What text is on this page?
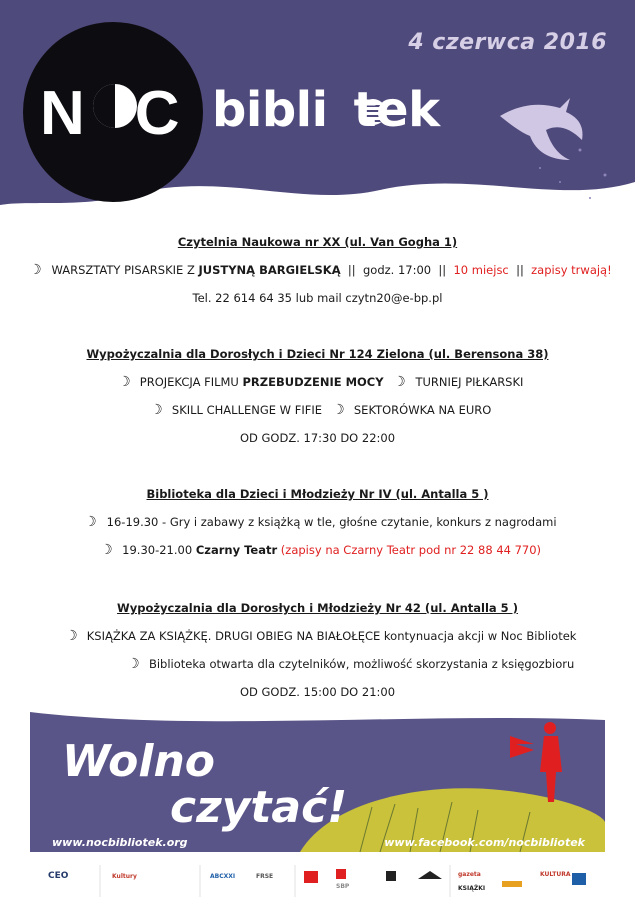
4 czerwca 2016
N C bibli tek

Czytelnia Naukowa nr XX (ul. Van Gogha 1)

☾ WARSZTATY PISARSKIE Z JUSTYNĄ BARGIELSKĄ  ||  godz. 17:00  ||  10 miejsc  ||  zapisy trwają!

Tel. 22 614 64 35 lub mail czytn20@e-bp.pl

Wypożyczalnia dla Dorosłych i Dzieci Nr 124 Zielona (ul. Berensona 38)

☾ PROJEKCJA FILMU PRZEBUDZENIE MOCY ☾ TURNIEJ PIŁKARSKI

☾ SKILL CHALLENGE W FIFIE ☾ SEKTORÓWKA NA EURO

OD GODZ. 17:30 DO 22:00

Biblioteka dla Dzieci i Młodzieży Nr IV (ul. Antalla 5 )

☾ 16-19.30 - Gry i zabawy z książką w tle, głośne czytanie, konkurs z nagrodami

☾ 19.30-21.00 Czarny Teatr (zapisy na Czarny Teatr pod nr 22 88 44 770)

Wypożyczalnia dla Dorosłych i Młodzieży Nr 42 (ul. Antalla 5 )

☾ KSIĄŻKA ZA KSIĄŻKĘ. DRUGI OBIEG NA BIAŁOŁĘCE kontynuacja akcji w Noc Bibliotek

☾ Biblioteka otwarta dla czytelników, możliwość skorzystania z księgozbioru

OD GODZ. 15:00 DO 21:00

Wolno
czytać!
www.nocbibliotek.org	www.facebook.com/nocbibliotek
CEO	Kultury	ABCXXI	FRSE
SBP
gazeta
KSIĄŻKI
KULTURA
